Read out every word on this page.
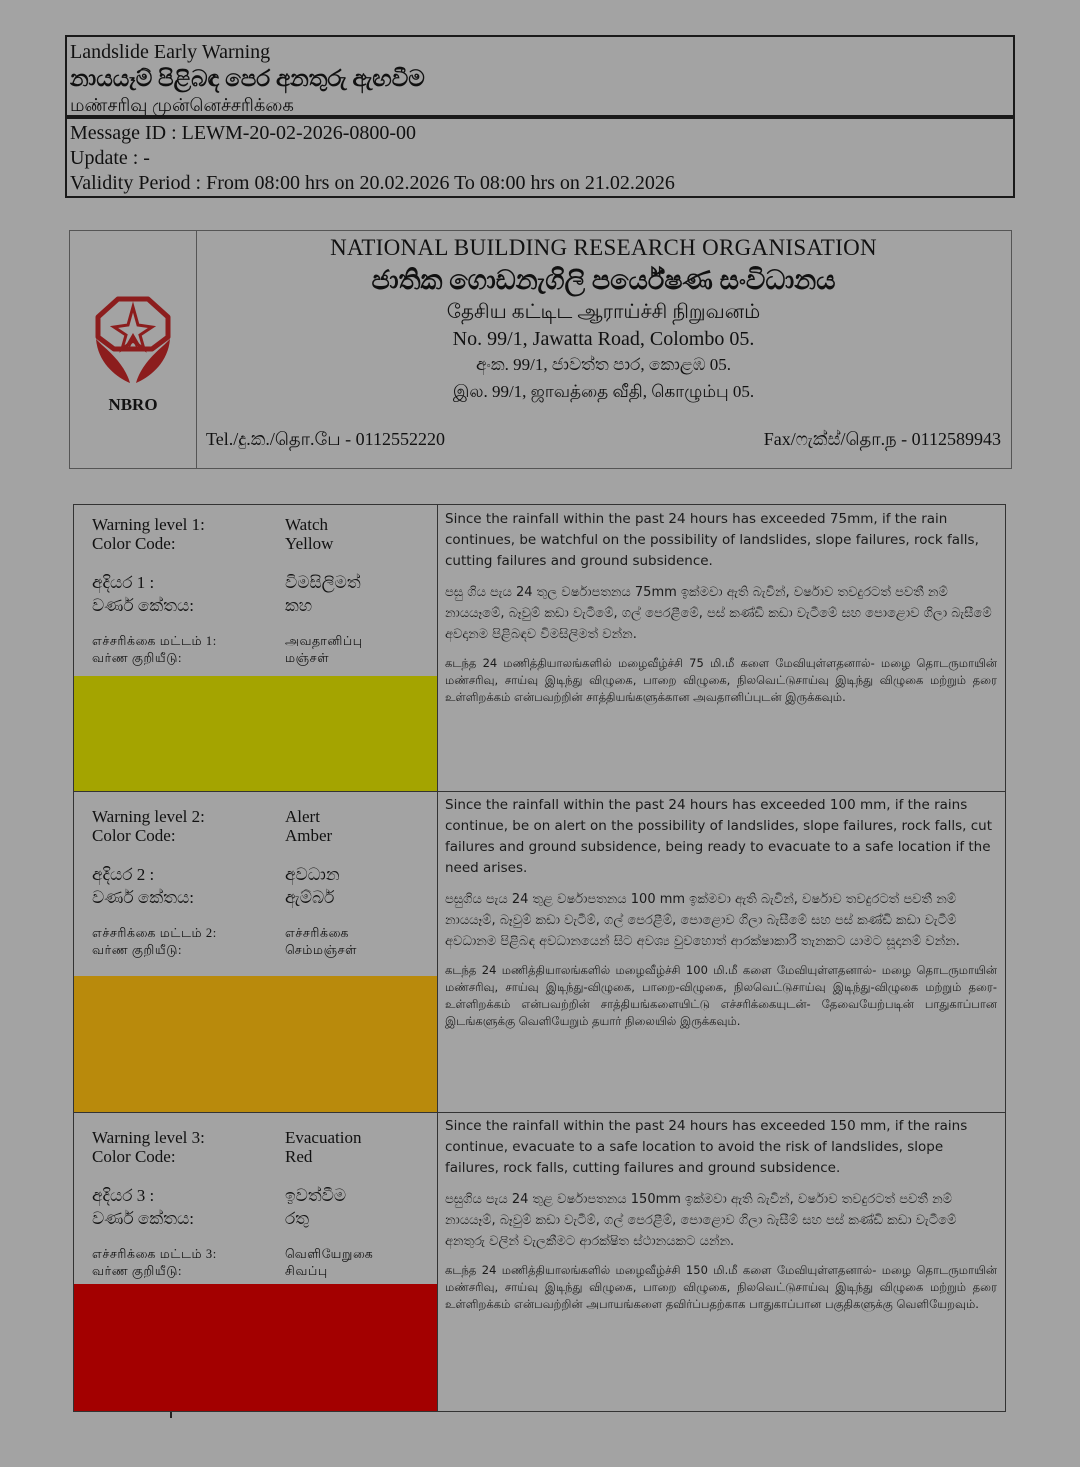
Landslide Early Warning
නායයෑම් පිළිබඳ පෙර අනතුරු ඇඟවීම
மண்சரிவு முன்னெச்சரிக்கை
Message ID : LEWM-20-02-2026-0800-00
Update : -
Validity Period : From 08:00 hrs on 20.02.2026 To 08:00 hrs on 21.02.2026
NBRO
NATIONAL BUILDING RESEARCH ORGANISATION
ජාතික ගොඩනැගිලි පර්යේෂණ සංවිධානය
தேசிய கட்டிட ஆராய்ச்சி நிறுவனம்
No. 99/1, Jawatta Road, Colombo 05.
අංක. 99/1, ජාවත්ත පාර, කොළඹ 05.
இல. 99/1, ஜாவத்தை வீதி, கொழும்பு 05.
Tel./දු.ක./தொ.பே - 0112552220	Fax/ෆැක්ස්/தொ.ந - 0112589943
Warning level 1:
Color Code:
Watch
Yellow
අදියර 1 :
වර්ණ කේතය:
විමසිලිමත්
කහ
எச்சரிக்கை மட்டம் 1:
வர்ண குறியீடு:
அவதானிப்பு
மஞ்சள்

Since the rainfall within the past 24 hours has exceeded 75mm, if the rain continues, be watchful on the possibility of landslides, slope failures, rock falls, cutting failures and ground subsidence.

පසු ගිය පැය 24 තුල වර්ෂාපතනය 75mm ඉක්මවා ඇති බැවින්, වර්ෂාව තවදුරටත් පවතී නම් නායයෑමේ, බෑවුම් කඩා වැටීමේ, ගල් පෙරළීමේ, පස් කණ්ඩි කඩා වැටීමේ සහ පොළොව ගිලා බැසීමේ අවදානම පිළිබඳව විමසිලිමත් වන්න.

கடந்த 24 மணித்தியாலங்களில் மழைவீழ்ச்சி 75 மி.மீ களை மேவியுள்ளதனால்- மழை தொடருமாயின் மண்சரிவு, சாய்வு இடிந்து விழுகை, பாறை விழுகை, நிலவெட்டுசாய்வு இடிந்து விழுகை மற்றும் தரை உள்ளிறக்கம் என்பவற்றின் சாத்தியங்களுக்கான அவதானிப்புடன் இருக்கவும்.

Warning level 2:
Color Code:
Alert
Amber
අදියර 2 :
වර්ණ කේතය:
අවධාන
ඇම්බර්
எச்சரிக்கை மட்டம் 2:
வர்ண குறியீடு:
எச்சரிக்கை
செம்மஞ்சள்

Since the rainfall within the past 24 hours has exceeded 100 mm, if the rains continue, be on alert on the possibility of landslides, slope failures, rock falls, cut failures and ground subsidence, being ready to evacuate to a safe location if the need arises.

පසුගිය පැය 24 තුළ වර්ෂාපතනය 100 mm ඉක්මවා ඇති බැවින්, වර්ෂාව තවදුරටත් පවතී නම් නායයෑම්, බෑවුම් කඩා වැටීම්, ගල් පෙරළීම්, පොළොව ගිලා බැසීමේ සහ පස් කණ්ඩි කඩා වැටීම් අවධානම පිළිබඳ අවධානයෙන් සිට අවශ්‍ය වුවහොත් ආරක්ෂාකාරී තැනකට යාමට සූදානම් වන්න.

கடந்த 24 மணித்தியாலங்களில் மழைவீழ்ச்சி 100 மி.மீ களை மேவியுள்ளதனால்- மழை தொடருமாயின் மண்சரிவு, சாய்வு இடிந்து-விழுகை, பாறை-விழுகை, நிலவெட்டுசாய்வு இடிந்து-விழுகை மற்றும் தரை-உள்ளிறக்கம் என்பவற்றின் சாத்தியங்களையிட்டு எச்சரிக்கையுடன்- தேவையேற்படின் பாதுகாப்பான இடங்களுக்கு வெளியேறும் தயார் நிலையில் இருக்கவும்.

Warning level 3:
Color Code:
Evacuation
Red
අදියර 3 :
වර්ණ කේතය:
ඉවත්වීම
රතු
எச்சரிக்கை மட்டம் 3:
வர்ண குறியீடு:
வெளியேறுகை
சிவப்பு

Since the rainfall within the past 24 hours has exceeded 150 mm, if the rains continue, evacuate to a safe location to avoid the risk of landslides, slope failures, rock falls, cutting failures and ground subsidence.

පසුගිය පැය 24 තුළ වර්ෂාපතනය 150mm ඉක්මවා ඇති බැවින්, වර්ෂාව තවදුරටත් පවතී නම් නායයෑම්, බෑවුම් කඩා වැටීම්, ගල් පෙරළීම්, පොළොව ගිලා බැසීම් සහ පස් කණ්ඩි කඩා වැටීමේ අනතුරු වලින් වැලකීමට ආරක්ෂිත ස්ථානයකට යන්න.

கடந்த 24 மணித்தியாலங்களில் மழைவீழ்ச்சி 150 மி.மீ களை மேவியுள்ளதனால்- மழை தொடருமாயின் மண்சரிவு, சாய்வு இடிந்து விழுகை, பாறை விழுகை, நிலவெட்டுசாய்வு இடிந்து விழுகை மற்றும் தரை உள்ளிறக்கம் என்பவற்றின் அபாயங்களை தவிர்ப்பதற்காக பாதுகாப்பான பகுதிகளுக்கு வெளியேறவும்.
